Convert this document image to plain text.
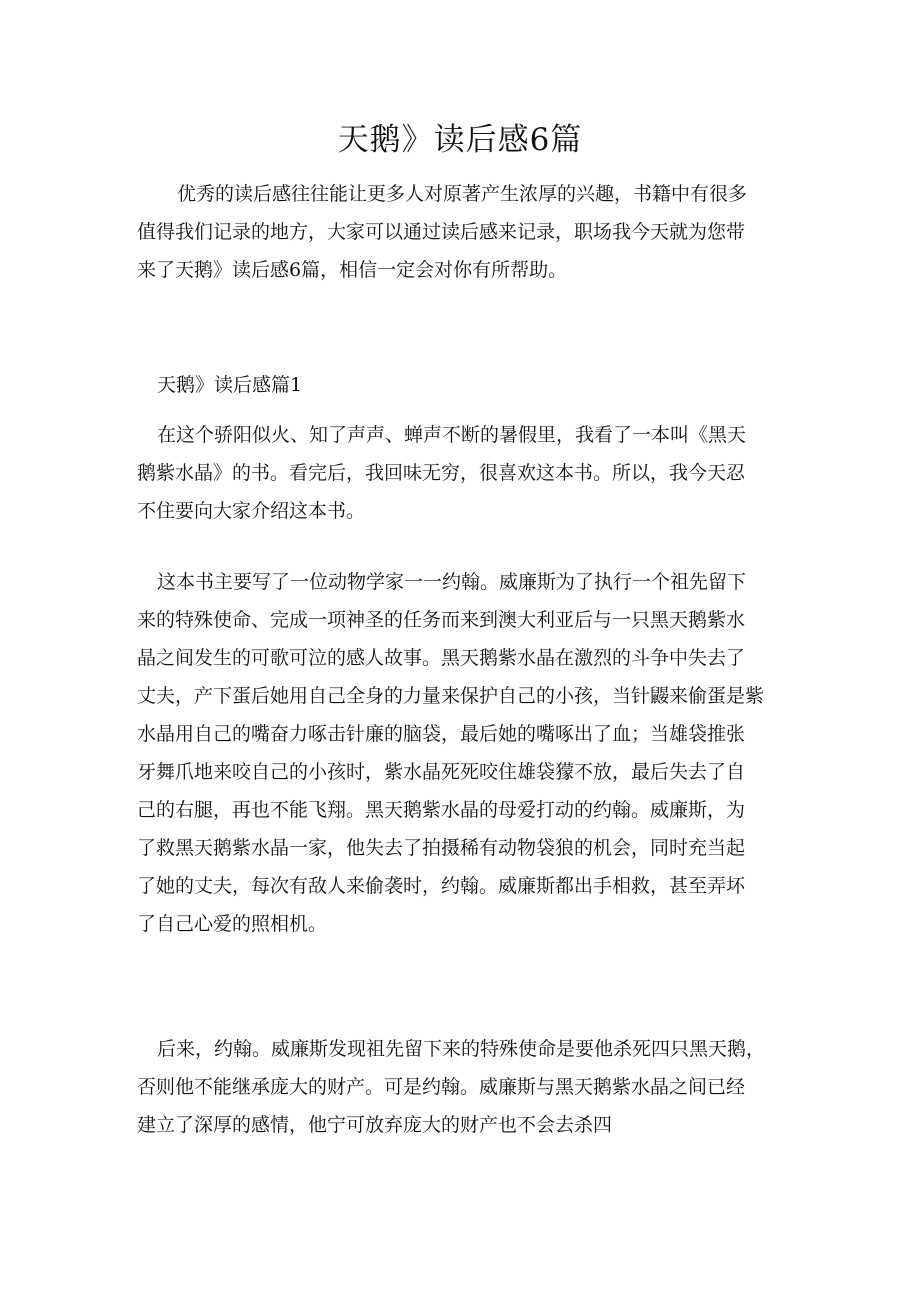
天鹅》读后感6篇
优秀的读后感往往能让更多人对原著产生浓厚的兴趣，书籍中有很多
值得我们记录的地方，大家可以通过读后感来记录，职场我今天就为您带
来了天鹅》读后感6篇，相信一定会对你有所帮助。
天鹅》读后感篇1
在这个骄阳似火、知了声声、蝉声不断的暑假里，我看了一本叫《黑天
鹅紫水晶》的书。看完后，我回味无穷，很喜欢这本书。所以，我今天忍
不住要向大家介绍这本书。
这本书主要写了一位动物学家一一约翰。威廉斯为了执行一个祖先留下
来的特殊使命、完成一项神圣的任务而来到澳大利亚后与一只黑天鹅紫水
晶之间发生的可歌可泣的感人故事。黑天鹅紫水晶在激烈的斗争中失去了
丈夫，产下蛋后她用自己全身的力量来保护自己的小孩，当针鼹来偷蛋是紫
水晶用自己的嘴奋力啄击针廉的脑袋，最后她的嘴啄出了血；当雄袋推张
牙舞爪地来咬自己的小孩时，紫水晶死死咬住雄袋獴不放，最后失去了自
己的右腿，再也不能飞翔。黑天鹅紫水晶的母爱打动的约翰。威廉斯，为
了救黑天鹅紫水晶一家，他失去了拍摄稀有动物袋狼的机会，同时充当起
了她的丈夫，每次有敌人来偷袭时，约翰。威廉斯都出手相救，甚至弄坏
了自己心爱的照相机。
后来，约翰。威廉斯发现祖先留下来的特殊使命是要他杀死四只黑天鹅，
否则他不能继承庞大的财产。可是约翰。威廉斯与黑天鹅紫水晶之间已经
建立了深厚的感情，他宁可放弃庞大的财产也不会去杀四
